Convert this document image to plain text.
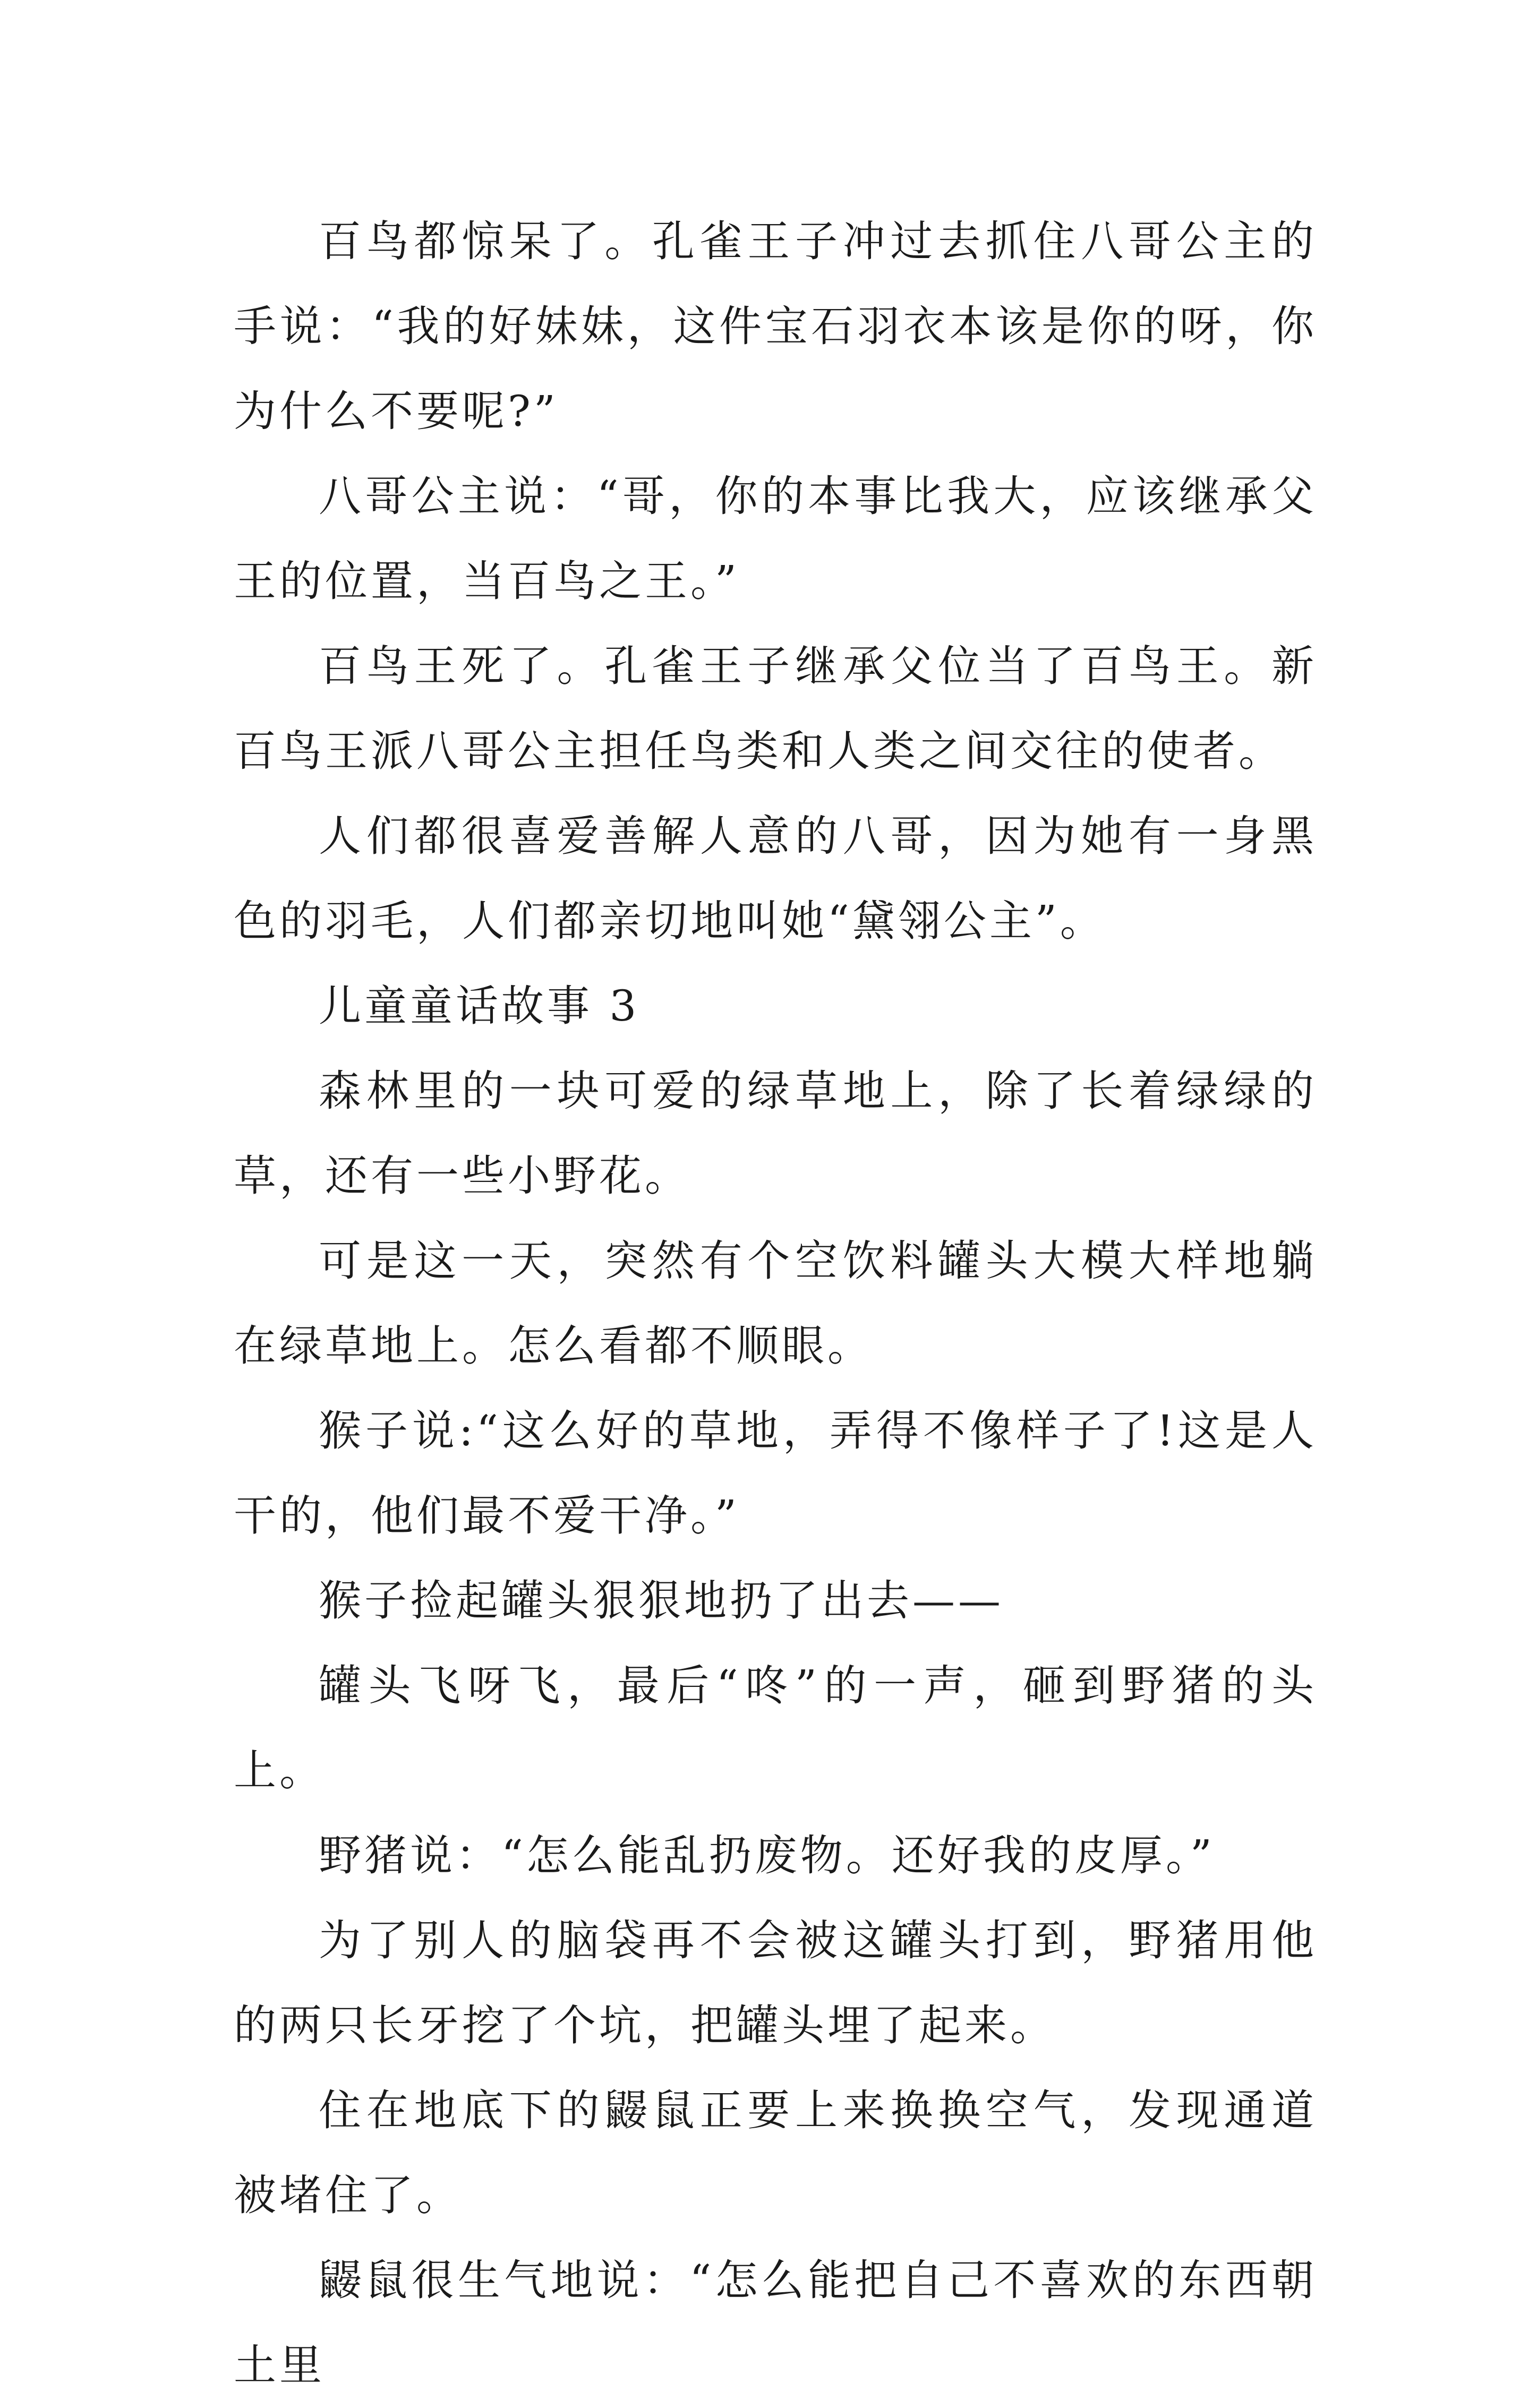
百鸟都惊呆了。孔雀王子冲过去抓住八哥公主的手说：“我的好妹妹，这件宝石羽衣本该是你的呀，你为什么不要呢?”

八哥公主说：“哥，你的本事比我大，应该继承父王的位置，当百鸟之王。”

百鸟王死了。孔雀王子继承父位当了百鸟王。新百鸟王派八哥公主担任鸟类和人类之间交往的使者。

人们都很喜爱善解人意的八哥，因为她有一身黑色的羽毛，人们都亲切地叫她“黛翎公主”。

儿童童话故事 3

森林里的一块可爱的绿草地上，除了长着绿绿的草，还有一些小野花。

可是这一天，突然有个空饮料罐头大模大样地躺在绿草地上。怎么看都不顺眼。

猴子说:“这么好的草地，弄得不像样子了!这是人干的，他们最不爱干净。”

猴子捡起罐头狠狠地扔了出去——

罐头飞呀飞，最后“咚”的一声，砸到野猪的头上。

野猪说：“怎么能乱扔废物。还好我的皮厚。”

为了别人的脑袋再不会被这罐头打到，野猪用他的两只长牙挖了个坑，把罐头埋了起来。

住在地底下的鼹鼠正要上来换换空气，发现通道被堵住了。

鼹鼠很生气地说：“怎么能把自己不喜欢的东西朝土里
